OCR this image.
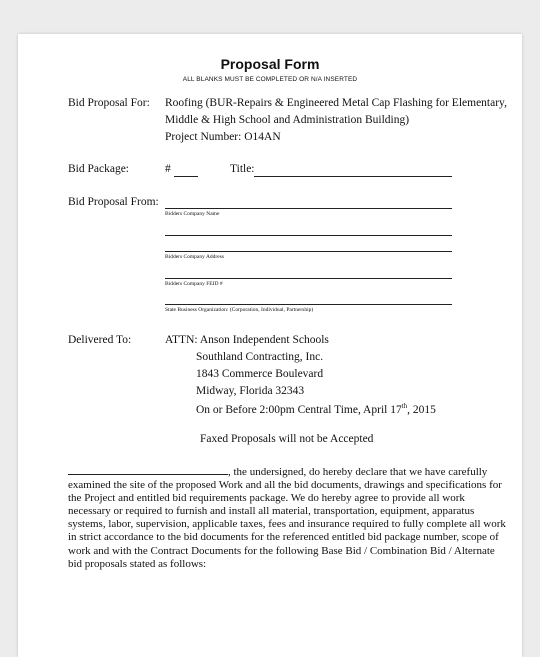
Proposal Form
ALL BLANKS MUST BE COMPLETED OR N/A INSERTED
Bid Proposal For: Roofing (BUR-Repairs & Engineered Metal Cap Flashing for Elementary,
Middle & High School and Administration Building)
Project Number: O14AN
Bid Package:	#	Title:
Bid Proposal From:
Bidders Company Name
Bidders Company Address
Bidders Company FEID #
State Business Organization: (Corporation, Individual, Partnership)
Delivered To:	ATTN: Anson Independent Schools
Southland Contracting, Inc.
1843 Commerce Boulevard
Midway, Florida 32343
On or Before 2:00pm Central Time, April 17th, 2015
Faxed Proposals will not be Accepted

, the undersigned, do hereby declare that we have carefully

examined the site of the proposed Work and all the bid documents, drawings and specifications for

the Project and entitled bid requirements package. We do hereby agree to provide all work

necessary or required to furnish and install all material, transportation, equipment, apparatus

systems, labor, supervision, applicable taxes, fees and insurance required to fully complete all work

in strict accordance to the bid documents for the referenced entitled bid package number, scope of

work and with the Contract Documents for the following Base Bid / Combination Bid / Alternate

bid proposals stated as follows:
